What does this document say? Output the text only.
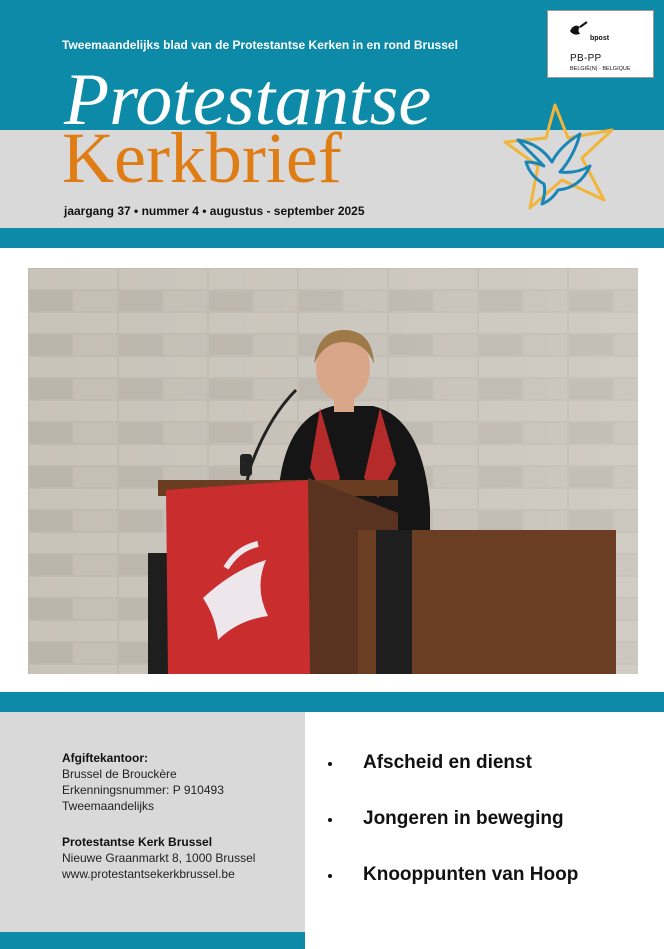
Tweemaandelijks blad van de Protestantse Kerken in en rond Brussel
Protestantse
Kerkbrief
jaargang 37 • nummer 4 • augustus - september 2025
bpost
PB-PP
BELGIË(N) - BELGIQUE
Afgiftekantoor:
Brussel de Brouckère
Erkenningsnummer: P 910493
Tweemaandelijks
Protestantse Kerk Brussel
Nieuwe Graanmarkt 8, 1000 Brussel
www.protestantsekerkbrussel.be
Afscheid en dienst
Jongeren in beweging
Knooppunten van Hoop
